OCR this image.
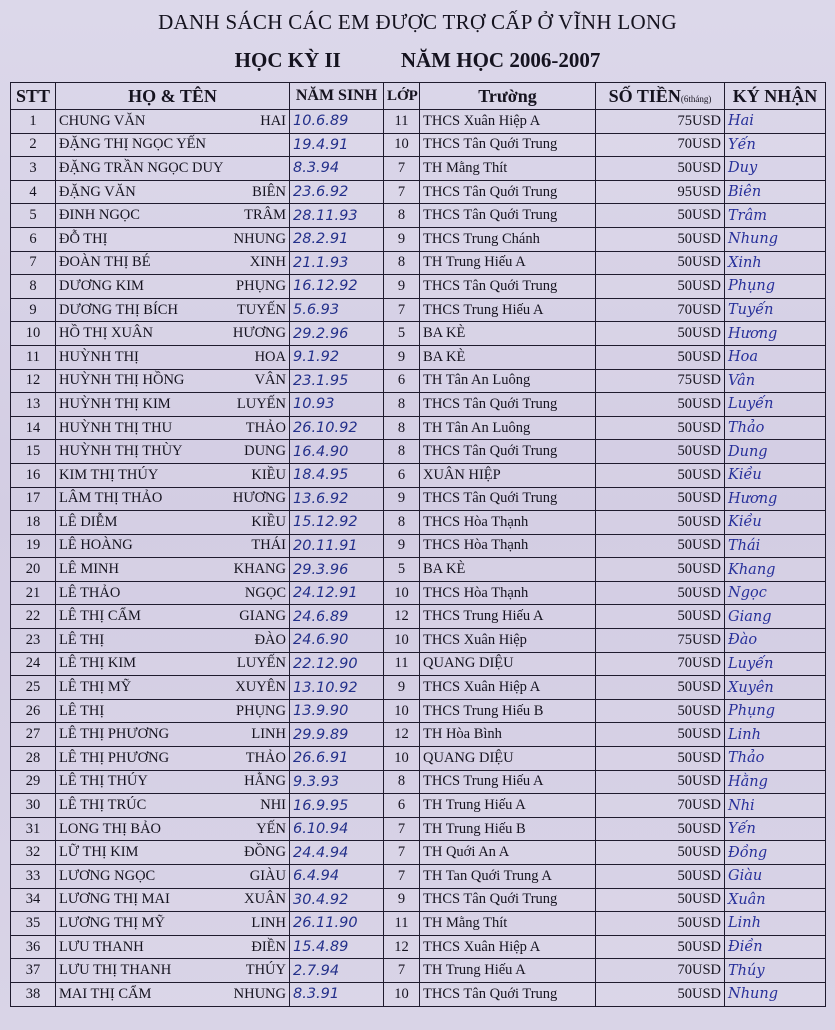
DANH SÁCH CÁC EM ĐƯỢC TRỢ CẤP Ở VĨNH LONG
HỌC KỲ II	NĂM HỌC 2006-2007
STT	HỌ & TÊN	NĂM SINH	LỚP	Trường	SỐ TIỀN(6tháng)	KÝ NHẬN
1	CHUNG VĂN HAI	10.6.89	11	THCS Xuân Hiệp A	75USD	Hai
2	ĐẶNG THỊ NGỌC YẾN	19.4.91	10	THCS Tân Quới Trung	70USD	Yến
3	ĐẶNG TRẦN NGỌC DUY	8.3.94	7	TH Mằng Thít	50USD	Duy
4	ĐẶNG VĂN BIÊN	23.6.92	7	THCS Tân Quới Trung	95USD	Biên
5	ĐINH NGỌC TRÂM	28.11.93	8	THCS Tân Quới Trung	50USD	Trâm
6	ĐỖ THỊ NHUNG	28.2.91	9	THCS Trung Chánh	50USD	Nhung
7	ĐOÀN THỊ BÉ XINH	21.1.93	8	TH Trung Hiếu A	50USD	Xinh
8	DƯƠNG KIM PHỤNG	16.12.92	9	THCS Tân Quới Trung	50USD	Phụng
9	DƯƠNG THỊ BÍCH TUYẾN	5.6.93	7	THCS Trung Hiếu A	70USD	Tuyến
10	HỒ THỊ XUÂN HƯƠNG	29.2.96	5	BA KÈ	50USD	Hương
11	HUỲNH THỊ HOA	9.1.92	9	BA KÈ	50USD	Hoa
12	HUỲNH THỊ HỒNG VÂN	23.1.95	6	TH Tân An Luông	75USD	Vân
13	HUỲNH THỊ KIM LUYẾN	10.93	8	THCS Tân Quới Trung	50USD	Luyến
14	HUỲNH THỊ THU THẢO	26.10.92	8	TH Tân An Luông	50USD	Thảo
15	HUỲNH THỊ THÙY DUNG	16.4.90	8	THCS Tân Quới Trung	50USD	Dung
16	KIM THỊ THÚY KIỀU	18.4.95	6	XUÂN HIỆP	50USD	Kiều
17	LÂM THỊ THẢO HƯƠNG	13.6.92	9	THCS Tân Quới Trung	50USD	Hương
18	LÊ DIỄM KIỀU	15.12.92	8	THCS Hòa Thạnh	50USD	Kiều
19	LÊ HOÀNG THÁI	20.11.91	9	THCS Hòa Thạnh	50USD	Thái
20	LÊ MINH KHANG	29.3.96	5	BA KÈ	50USD	Khang
21	LÊ THẢO NGỌC	24.12.91	10	THCS Hòa Thạnh	50USD	Ngọc
22	LÊ THỊ CẨM GIANG	24.6.89	12	THCS Trung Hiếu A	50USD	Giang
23	LÊ THỊ ĐÀO	24.6.90	10	THCS Xuân Hiệp	75USD	Đào
24	LÊ THỊ KIM LUYẾN	22.12.90	11	QUANG DIỆU	70USD	Luyến
25	LÊ THỊ MỸ XUYÊN	13.10.92	9	THCS Xuân Hiệp A	50USD	Xuyên
26	LÊ THỊ PHỤNG	13.9.90	10	THCS Trung Hiếu B	50USD	Phụng
27	LÊ THỊ PHƯƠNG LINH	29.9.89	12	TH Hòa Bình	50USD	Linh
28	LÊ THỊ PHƯƠNG THẢO	26.6.91	10	QUANG DIỆU	50USD	Thảo
29	LÊ THỊ THÚY HẰNG	9.3.93	8	THCS Trung Hiếu A	50USD	Hằng
30	LÊ THỊ TRÚC NHI	16.9.95	6	TH Trung Hiếu A	70USD	Nhi
31	LONG THỊ BẢO YẾN	6.10.94	7	TH Trung Hiếu B	50USD	Yến
32	LỮ THỊ KIM ĐỒNG	24.4.94	7	TH Quới An A	50USD	Đồng
33	LƯƠNG NGỌC GIÀU	6.4.94	7	TH Tan Quới Trung A	50USD	Giàu
34	LƯƠNG THỊ MAI XUÂN	30.4.92	9	THCS Tân Quới Trung	50USD	Xuân
35	LƯƠNG THỊ MỸ LINH	26.11.90	11	TH Mằng Thít	50USD	Linh
36	LƯU THANH ĐIỀN	15.4.89	12	THCS Xuân Hiệp A	50USD	Điền
37	LƯU THỊ THANH THÚY	2.7.94	7	TH Trung Hiếu A	70USD	Thúy
38	MAI THỊ CẨM NHUNG	8.3.91	10	THCS Tân Quới Trung	50USD	Nhung
